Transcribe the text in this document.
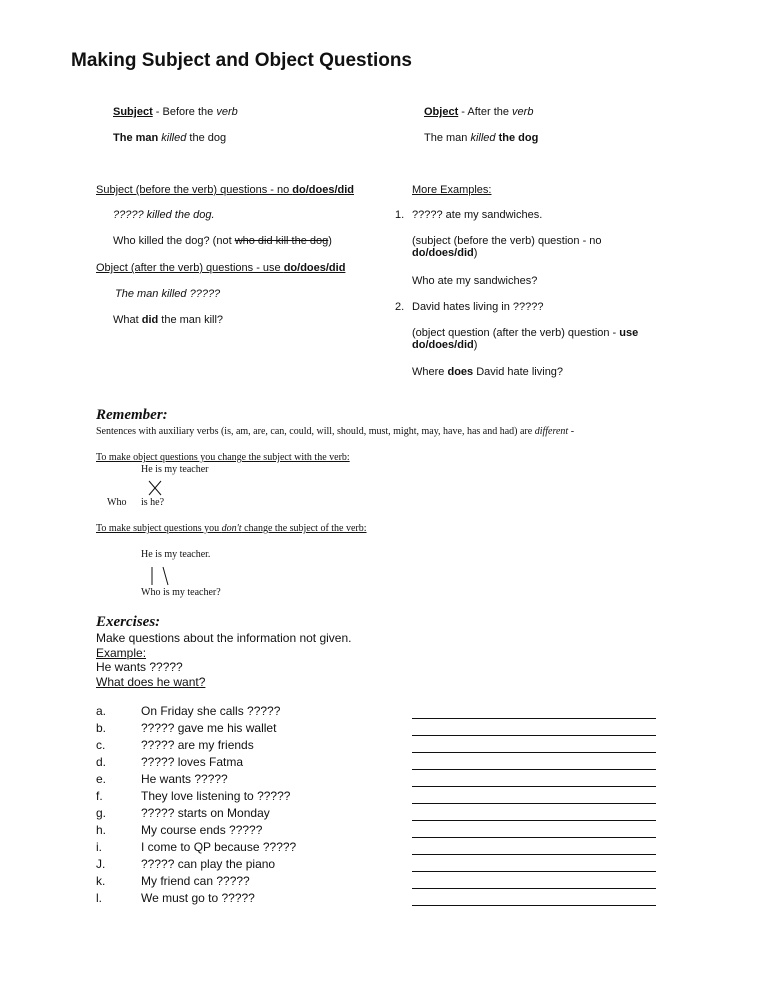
Making Subject and Object Questions
Subject - Before the verb	Object - After the verb
The man killed the dog	The man killed the dog
Subject (before the verb) questions - no do/does/did
????? killed the dog.
Who killed the dog? (not who did kill the dog)
Object (after the verb) questions - use do/does/did
The man killed ?????
What did the man kill?
More Examples:
1. ????? ate my sandwiches.
(subject (before the verb) question - no do/does/did)
Who ate my sandwiches?
2. David hates living in ?????
(object question (after the verb) question - use do/does/did)
Where does David hate living?
Remember:
Sentences with auxiliary verbs (is, am, are, can, could, will, should, must, might, may, have, has and had) are different -
To make object questions you change the subject with the verb:
He is my teacher
Who is he?
To make subject questions you don't change the subject of the verb:
He is my teacher.
Who is my teacher?
Exercises:
Make questions about the information not given.
Example:
He wants ?????
What does he want?
a.	On Friday she calls ?????
b.	????? gave me his wallet
c.	????? are my friends
d.	????? loves Fatma
e.	He wants ?????
f.	They love listening to ?????
g.	????? starts on Monday
h.	My course ends ?????
i.	I come to QP because ?????
J.	????? can play the piano
k.	My friend can ?????
l.	We must go to ?????
